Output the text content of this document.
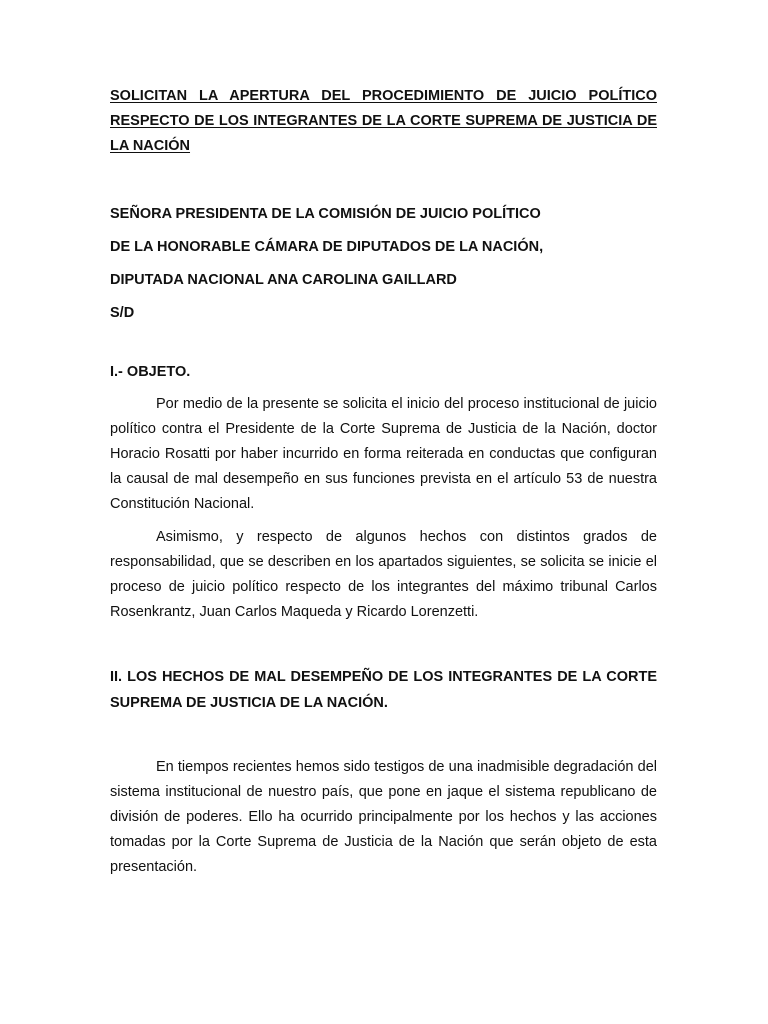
SOLICITAN LA APERTURA DEL PROCEDIMIENTO DE JUICIO POLÍTICO RESPECTO DE LOS INTEGRANTES DE LA CORTE SUPREMA DE JUSTICIA DE LA NACIÓN

SEÑORA PRESIDENTA DE LA COMISIÓN DE JUICIO POLÍTICO
DE LA HONORABLE CÁMARA DE DIPUTADOS DE LA NACIÓN,
DIPUTADA NACIONAL ANA CAROLINA GAILLARD
S/D

I.- OBJETO.

Por medio de la presente se solicita el inicio del proceso institucional de juicio político contra el Presidente de la Corte Suprema de Justicia de la Nación, doctor Horacio Rosatti por haber incurrido en forma reiterada en conductas que configuran la causal de mal desempeño en sus funciones prevista en el artículo 53 de nuestra Constitución Nacional.

Asimismo, y respecto de algunos hechos con distintos grados de responsabilidad, que se describen en los apartados siguientes, se solicita se inicie el proceso de juicio político respecto de los integrantes del máximo tribunal Carlos Rosenkrantz, Juan Carlos Maqueda y Ricardo Lorenzetti.

II. LOS HECHOS DE MAL DESEMPEÑO DE LOS INTEGRANTES DE LA CORTE SUPREMA DE JUSTICIA DE LA NACIÓN.

En tiempos recientes hemos sido testigos de una inadmisible degradación del sistema institucional de nuestro país, que pone en jaque el sistema republicano de división de poderes. Ello ha ocurrido principalmente por los hechos y las acciones tomadas por la Corte Suprema de Justicia de la Nación que serán objeto de esta presentación.
